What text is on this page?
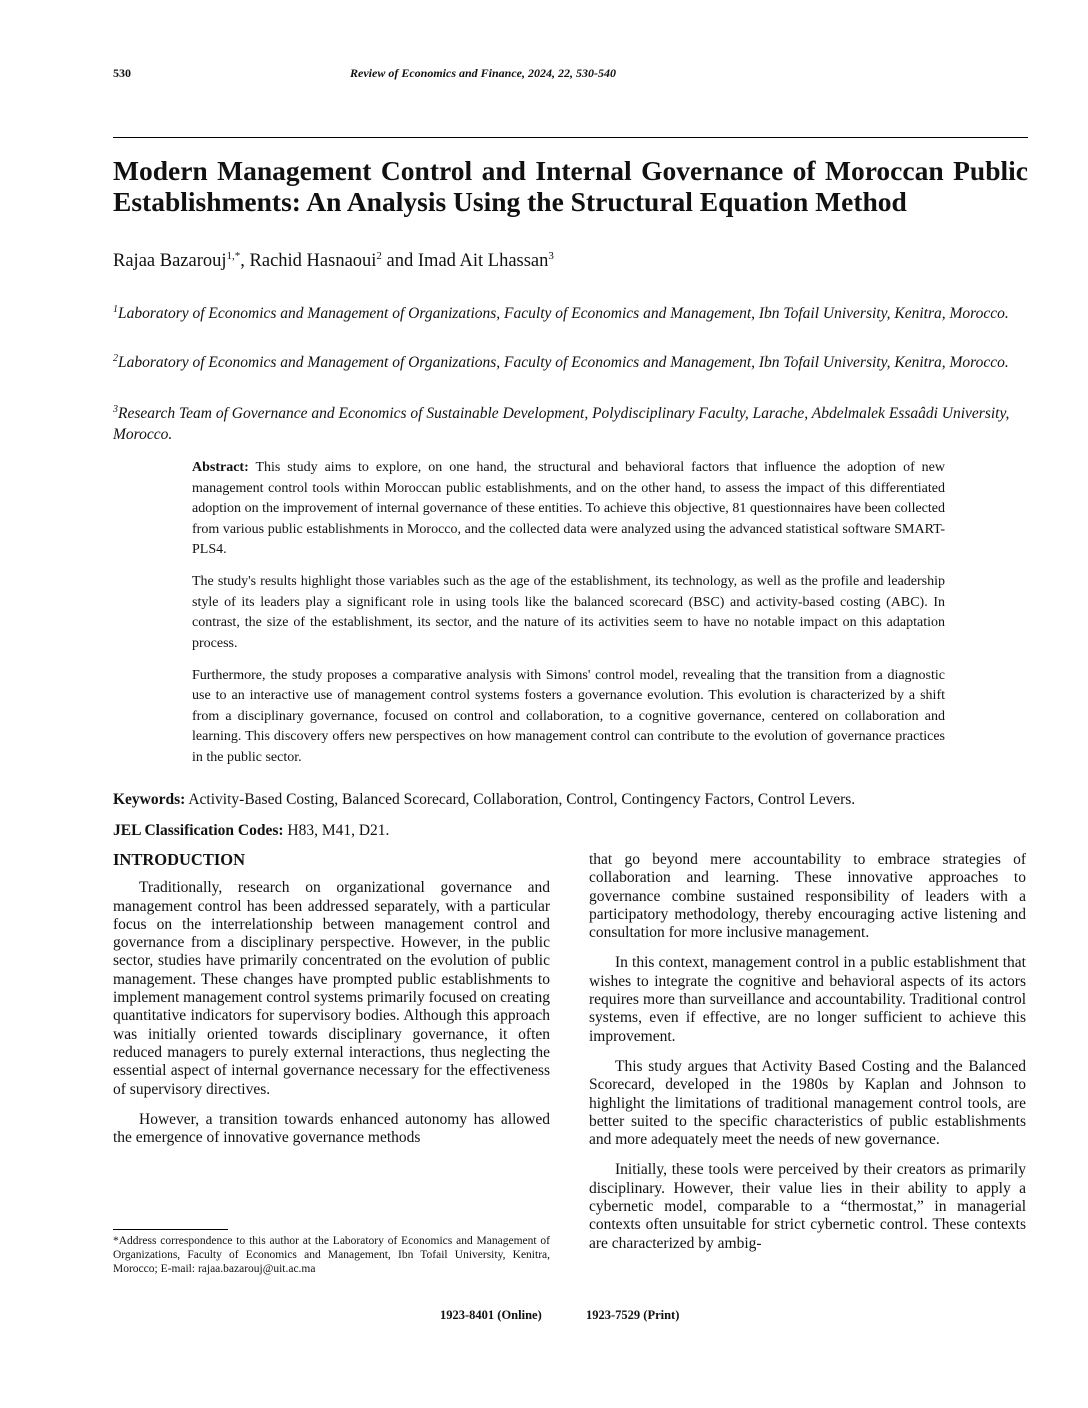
530	Review of Economics and Finance, 2024, 22, 530-540
Modern Management Control and Internal Governance of Moroccan Public Establishments: An Analysis Using the Structural Equation Method
Rajaa Bazarouj$^{1,*}$, Rachid Hasnaoui$^2$ and Imad Ait Lhassan$^3$

$^1$Laboratory of Economics and Management of Organizations, Faculty of Economics and Management, Ibn Tofail University, Kenitra, Morocco.

$^2$Laboratory of Economics and Management of Organizations, Faculty of Economics and Management, Ibn Tofail University, Kenitra, Morocco.

$^3$Research Team of Governance and Economics of Sustainable Development, Polydisciplinary Faculty, Larache, Abdelmalek Essaâdi University, Morocco.

Abstract: This study aims to explore, on one hand, the structural and behavioral factors that influence the adoption of new management control tools within Moroccan public establishments, and on the other hand, to assess the impact of this differentiated adoption on the improvement of internal governance of these entities. To achieve this objective, 81 questionnaires have been collected from various public establishments in Morocco, and the collected data were analyzed using the advanced statistical software SMART-PLS4.

The study's results highlight those variables such as the age of the establishment, its technology, as well as the profile and leadership style of its leaders play a significant role in using tools like the balanced scorecard (BSC) and activity-based costing (ABC). In contrast, the size of the establishment, its sector, and the nature of its activities seem to have no notable impact on this adaptation process.

Furthermore, the study proposes a comparative analysis with Simons' control model, revealing that the transition from a diagnostic use to an interactive use of management control systems fosters a governance evolution. This evolution is characterized by a shift from a disciplinary governance, focused on control and collaboration, to a cognitive governance, centered on collaboration and learning. This discovery offers new perspectives on how management control can contribute to the evolution of governance practices in the public sector.

Keywords: Activity-Based Costing, Balanced Scorecard, Collaboration, Control, Contingency Factors, Control Levers.
JEL Classification Codes: H83, M41, D21.
INTRODUCTION

Traditionally, research on organizational governance and management control has been addressed separately, with a particular focus on the interrelationship between management control and governance from a disciplinary perspective. However, in the public sector, studies have primarily concentrated on the evolution of public management. These changes have prompted public establishments to implement management control systems primarily focused on creating quantitative indicators for supervisory bodies. Although this approach was initially oriented towards disciplinary governance, it often reduced managers to purely external interactions, thus neglecting the essential aspect of internal governance necessary for the effectiveness of supervisory directives.

However, a transition towards enhanced autonomy has allowed the emergence of innovative governance methods

that go beyond mere accountability to embrace strategies of collaboration and learning. These innovative approaches to governance combine sustained responsibility of leaders with a participatory methodology, thereby encouraging active listening and consultation for more inclusive management.

In this context, management control in a public establishment that wishes to integrate the cognitive and behavioral aspects of its actors requires more than surveillance and accountability. Traditional control systems, even if effective, are no longer sufficient to achieve this improvement.

This study argues that Activity Based Costing and the Balanced Scorecard, developed in the 1980s by Kaplan and Johnson to highlight the limitations of traditional management control tools, are better suited to the specific characteristics of public establishments and more adequately meet the needs of new governance.

Initially, these tools were perceived by their creators as primarily disciplinary. However, their value lies in their ability to apply a cybernetic model, comparable to a “thermostat,” in managerial contexts often unsuitable for strict cybernetic control. These contexts are characterized by ambig-

*Address correspondence to this author at the Laboratory of Economics and Management of Organizations, Faculty of Economics and Management, Ibn Tofail University, Kenitra, Morocco; E-mail: rajaa.bazarouj@uit.ac.ma
1923-8401 (Online)	1923-7529 (Print)
